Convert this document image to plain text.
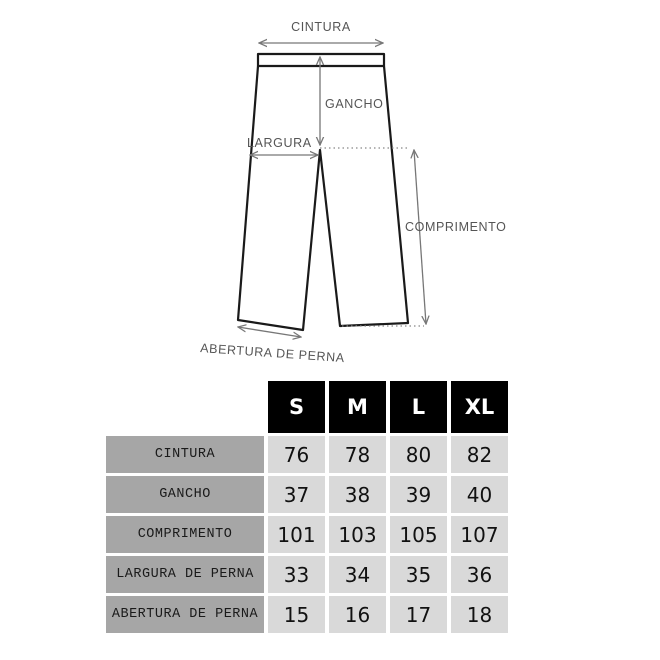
CINTURA
GANCHO
LARGURA
COMPRIMENTO
ABERTURA DE PERNA
S	M	L	XL
CINTURA	76	78	80	82
GANCHO	37	38	39	40
COMPRIMENTO	101	103	105	107
LARGURA DE PERNA	33	34	35	36
ABERTURA DE PERNA	15	16	17	18
